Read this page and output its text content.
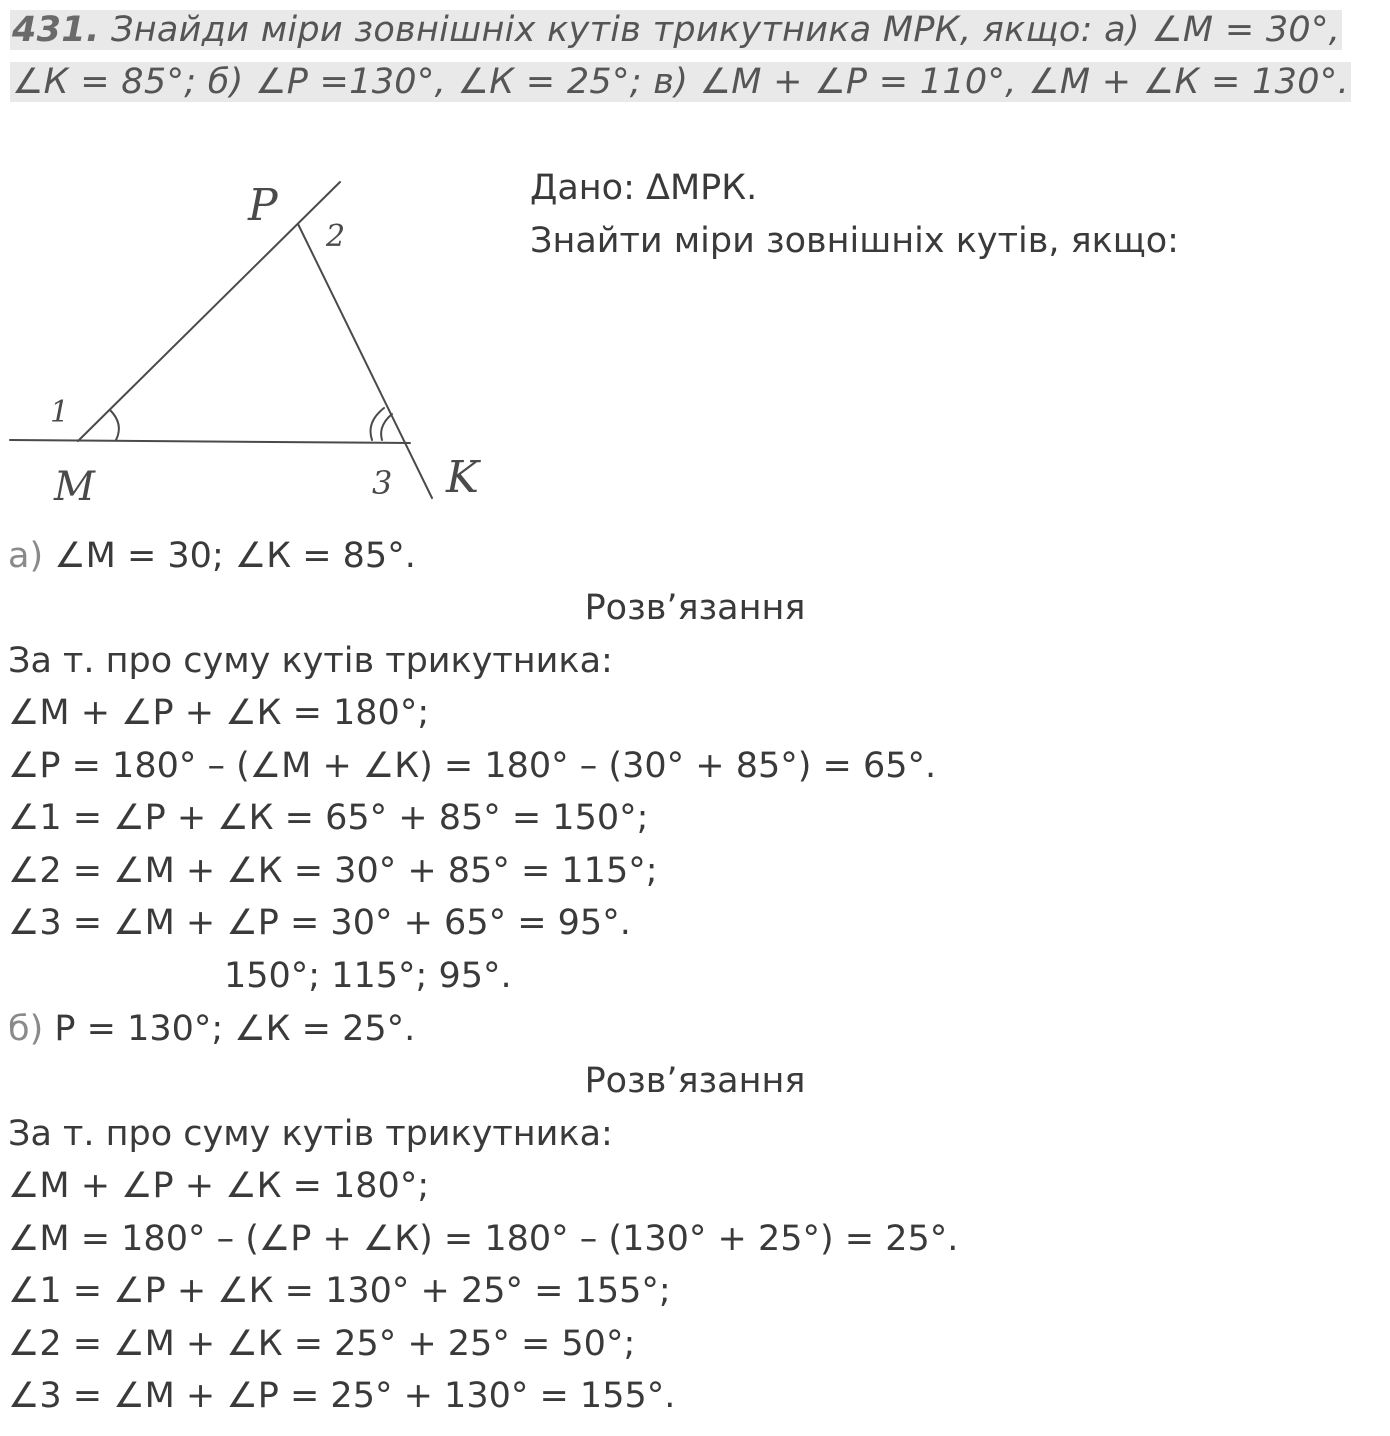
431. Знайди міри зовнішніх кутів трикутника МРК, якщо: а) ∠М = 30°, ∠К = 85°; б) ∠Р =130°, ∠К = 25°; в) ∠М + ∠Р = 110°, ∠М + ∠К = 130°.
P
2
1
M	3 K
Дано: ΔМРК.
Знайти міри зовнішніх кутів, якщо:
а) ∠М = 30; ∠К = 85°.
Розв’язання
За т. про суму кутів трикутника:
∠М + ∠Р + ∠К = 180°;
∠Р = 180° – (∠М + ∠К) = 180° – (30° + 85°) = 65°.
∠1 = ∠Р + ∠К = 65° + 85° = 150°;
∠2 = ∠М + ∠К = 30° + 85° = 115°;
∠3 = ∠М + ∠Р = 30° + 65° = 95°.
150°; 115°; 95°.
б) Р = 130°; ∠К = 25°.
Розв’язання
За т. про суму кутів трикутника:
∠М + ∠Р + ∠К = 180°;
∠М = 180° – (∠Р + ∠К) = 180° – (130° + 25°) = 25°.
∠1 = ∠Р + ∠К = 130° + 25° = 155°;
∠2 = ∠М + ∠К = 25° + 25° = 50°;
∠3 = ∠М + ∠Р = 25° + 130° = 155°.
